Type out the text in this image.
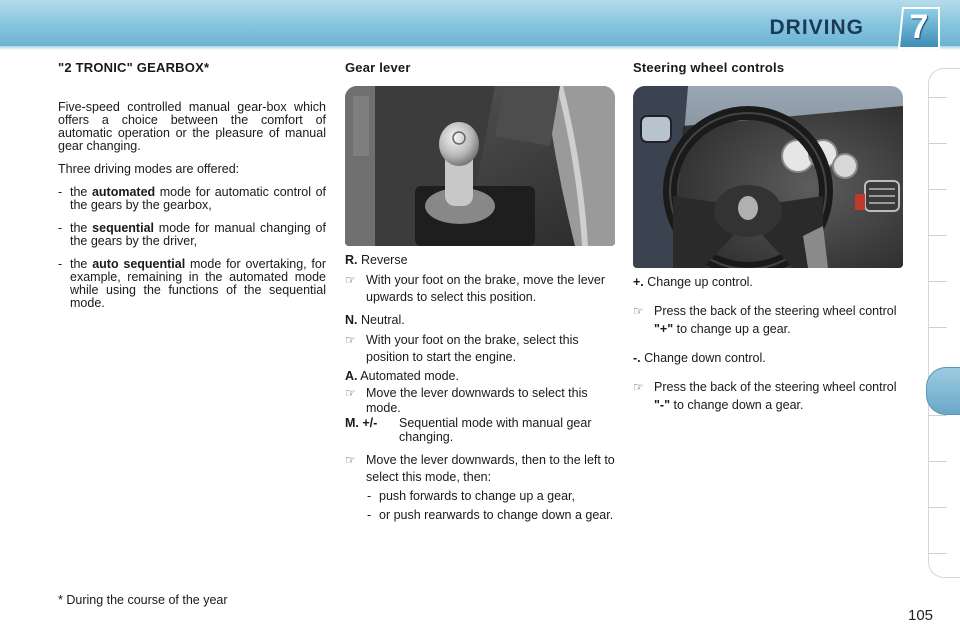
DRIVING	7
"2 TRONIC" GEARBOX*

Five-speed controlled manual gear-box which offers a choice between the comfort of automatic operation or the pleasure of manual gear changing.

Three driving modes are offered:

- the automated mode for automatic control of the gears by the gearbox,
- the sequential mode for manual changing of the gears by the driver,
- the auto sequential mode for overtaking, for example, remaining in the automated mode while using the functions of the sequential mode.
* During the course of the year
Gear lever
R. Reverse
☞ With your foot on the brake, move the lever upwards to select this position.
N. Neutral.
☞ With your foot on the brake, select this position to start the engine.
A. Automated mode.
☞ Move the lever downwards to select this mode.
M. +/- Sequential mode with manual gear changing.
☞ Move the lever downwards, then to the left to select this mode, then:
- push forwards to change up a gear,
- or push rearwards to change down a gear.
Steering wheel controls
+. Change up control.
☞ Press the back of the steering wheel control "+" to change up a gear.
-. Change down control.
☞ Press the back of the steering wheel control "-" to change down a gear.
105
